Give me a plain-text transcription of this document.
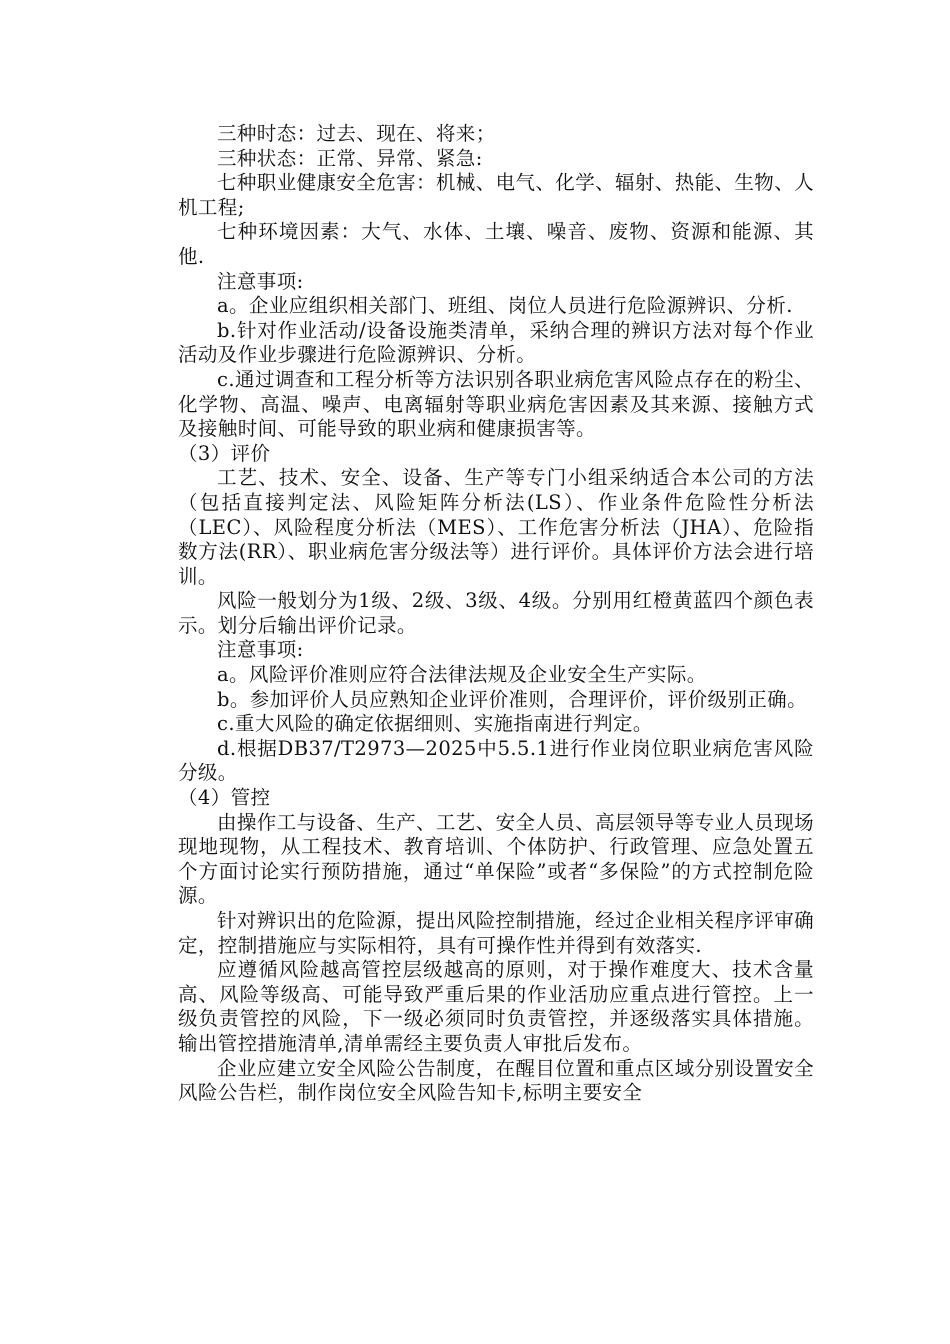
三种时态：过去、现在、将来；

三种状态：正常、异常、紧急:

七种职业健康安全危害：机械、电气、化学、辐射、热能、生物、人机工程;

七种环境因素：大气、水体、土壤、噪音、废物、资源和能源、其他.

注意事项:

a。企业应组织相关部门、班组、岗位人员进行危险源辨识、分析.

b.针对作业活动/设备设施类清单，采纳合理的辨识方法对每个作业活动及作业步骤进行危险源辨识、分析。

c.通过调查和工程分析等方法识别各职业病危害风险点存在的粉尘、化学物、高温、噪声、电离辐射等职业病危害因素及其来源、接触方式及接触时间、可能导致的职业病和健康损害等。

（3）评价

工艺、技术、安全、设备、生产等专门小组采纳适合本公司的方法（包括直接判定法、风险矩阵分析法(LS）、作业条件危险性分析法（LEC）、风险程度分析法（MES）、工作危害分析法（JHA）、危险指数方法(RR）、职业病危害分级法等）进行评价。具体评价方法会进行培训。

风险一般划分为1级、2级、3级、4级。分别用红橙黄蓝四个颜色表示。划分后输出评价记录。

注意事项:

a。风险评价准则应符合法律法规及企业安全生产实际。

b。参加评价人员应熟知企业评价准则，合理评价，评价级别正确。

c.重大风险的确定依据细则、实施指南进行判定。

d.根据DB37/T2973—2025中5.5.1进行作业岗位职业病危害风险分级。

（4）管控

由操作工与设备、生产、工艺、安全人员、高层领导等专业人员现场现地现物，从工程技术、教育培训、个体防护、行政管理、应急处置五个方面讨论实行预防措施，通过“单保险”或者“多保险”的方式控制危险源。

针对辨识出的危险源，提出风险控制措施，经过企业相关程序评审确定，控制措施应与实际相符，具有可操作性并得到有效落实.

应遵循风险越高管控层级越高的原则，对于操作难度大、技术含量高、风险等级高、可能导致严重后果的作业活劢应重点进行管控。上一级负责管控的风险，下一级必须同时负责管控，并逐级落实具体措施。输出管控措施清单,清单需经主要负责人审批后发布。

企业应建立安全风险公告制度，在醒目位置和重点区域分别设置安全风险公告栏，制作岗位安全风险告知卡,标明主要安全
